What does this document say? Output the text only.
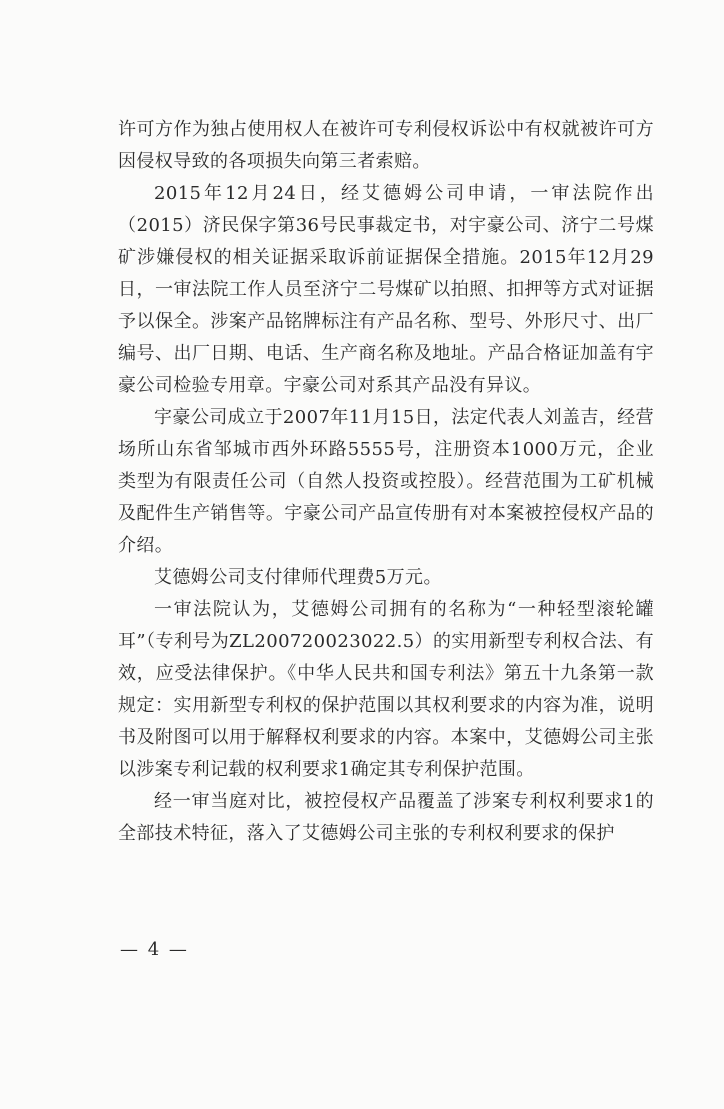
许可方作为独占使用权人在被许可专利侵权诉讼中有权就被许可方因侵权导致的各项损失向第三者索赔。

2015年12月24日，经艾德姆公司申请，一审法院作出（2015）济民保字第36号民事裁定书，对宇豪公司、济宁二号煤矿涉嫌侵权的相关证据采取诉前证据保全措施。2015年12月29日，一审法院工作人员至济宁二号煤矿以拍照、扣押等方式对证据予以保全。涉案产品铭牌标注有产品名称、型号、外形尺寸、出厂编号、出厂日期、电话、生产商名称及地址。产品合格证加盖有宇豪公司检验专用章。宇豪公司对系其产品没有异议。

宇豪公司成立于2007年11月15日，法定代表人刘盖吉，经营场所山东省邹城市西外环路5555号，注册资本1000万元，企业类型为有限责任公司（自然人投资或控股）。经营范围为工矿机械及配件生产销售等。宇豪公司产品宣传册有对本案被控侵权产品的介绍。

艾德姆公司支付律师代理费5万元。

一审法院认为，艾德姆公司拥有的名称为“一种轻型滚轮罐耳”（专利号为ZL200720023022.5）的实用新型专利权合法、有效，应受法律保护。《中华人民共和国专利法》第五十九条第一款规定：实用新型专利权的保护范围以其权利要求的内容为准，说明书及附图可以用于解释权利要求的内容。本案中，艾德姆公司主张以涉案专利记载的权利要求1确定其专利保护范围。

经一审当庭对比，被控侵权产品覆盖了涉案专利权利要求1的全部技术特征，落入了艾德姆公司主张的专利权利要求的保护

— 4 —
